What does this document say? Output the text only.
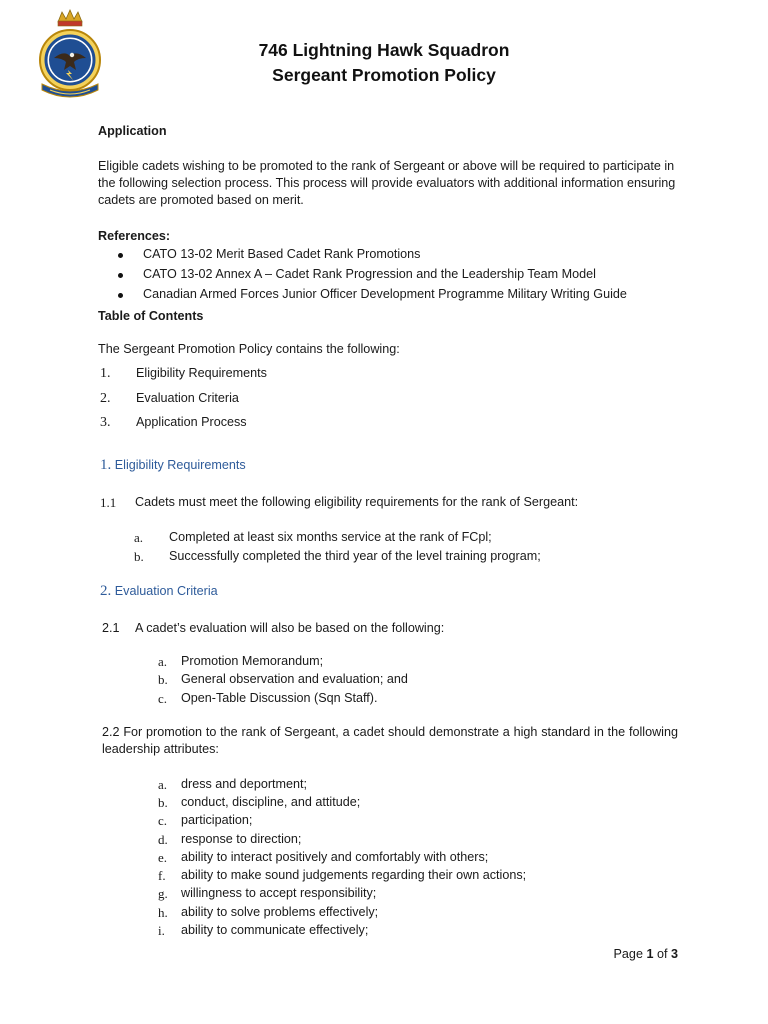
746 Lightning Hawk Squadron
Sergeant Promotion Policy
Application
Eligible cadets wishing to be promoted to the rank of Sergeant or above will be required to participate in the following selection process. This process will provide evaluators with additional information ensuring cadets are promoted based on merit.
References:
CATO 13-02 Merit Based Cadet Rank Promotions
CATO 13-02 Annex A – Cadet Rank Progression and the Leadership Team Model
Canadian Armed Forces Junior Officer Development Programme Military Writing Guide
Table of Contents
The Sergeant Promotion Policy contains the following:
1.	Eligibility Requirements
2.	Evaluation Criteria
3.	Application Process
1. Eligibility Requirements
1.1 Cadets must meet the following eligibility requirements for the rank of Sergeant:
a. Completed at least six months service at the rank of FCpl;
b. Successfully completed the third year of the level training program;
2. Evaluation Criteria
2.1 A cadet’s evaluation will also be based on the following:
a. Promotion Memorandum;
b. General observation and evaluation; and
c. Open-Table Discussion (Sqn Staff).
2.2 For promotion to the rank of Sergeant, a cadet should demonstrate a high standard in the following leadership attributes:
a. dress and deportment;
b. conduct, discipline, and attitude;
c. participation;
d. response to direction;
e. ability to interact positively and comfortably with others;
f. ability to make sound judgements regarding their own actions;
g. willingness to accept responsibility;
h. ability to solve problems effectively;
i. ability to communicate effectively;
Page 1 of 3
